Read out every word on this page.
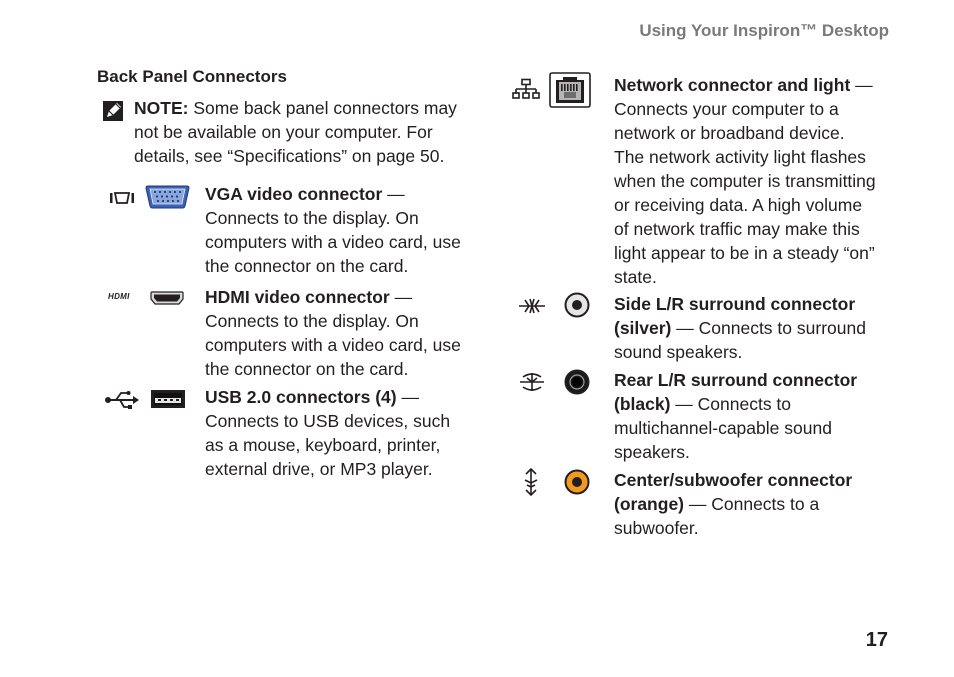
Using Your Inspiron™ Desktop
Back Panel Connectors
NOTE: Some back panel connectors may not be available on your computer. For details, see “Specifications” on page 50.
VGA video connector —
Connects to the display. On computers with a video card, use the connector on the card.
HDMI	HDMI video connector —
Connects to the display. On computers with a video card, use the connector on the card.
USB 2.0 connectors (4) —
Connects to USB devices, such as a mouse, keyboard, printer, external drive, or MP3 player.
Network connector and light —
Connects your computer to a network or broadband device. The network activity light flashes when the computer is transmitting or receiving data. A high volume of network traffic may make this light appear to be in a steady “on” state.
Side L/R surround connector (silver) — Connects to surround sound speakers.
Rear L/R surround connector (black) — Connects to multichannel-capable sound speakers.
Center/subwoofer connector (orange) — Connects to a subwoofer.
17
